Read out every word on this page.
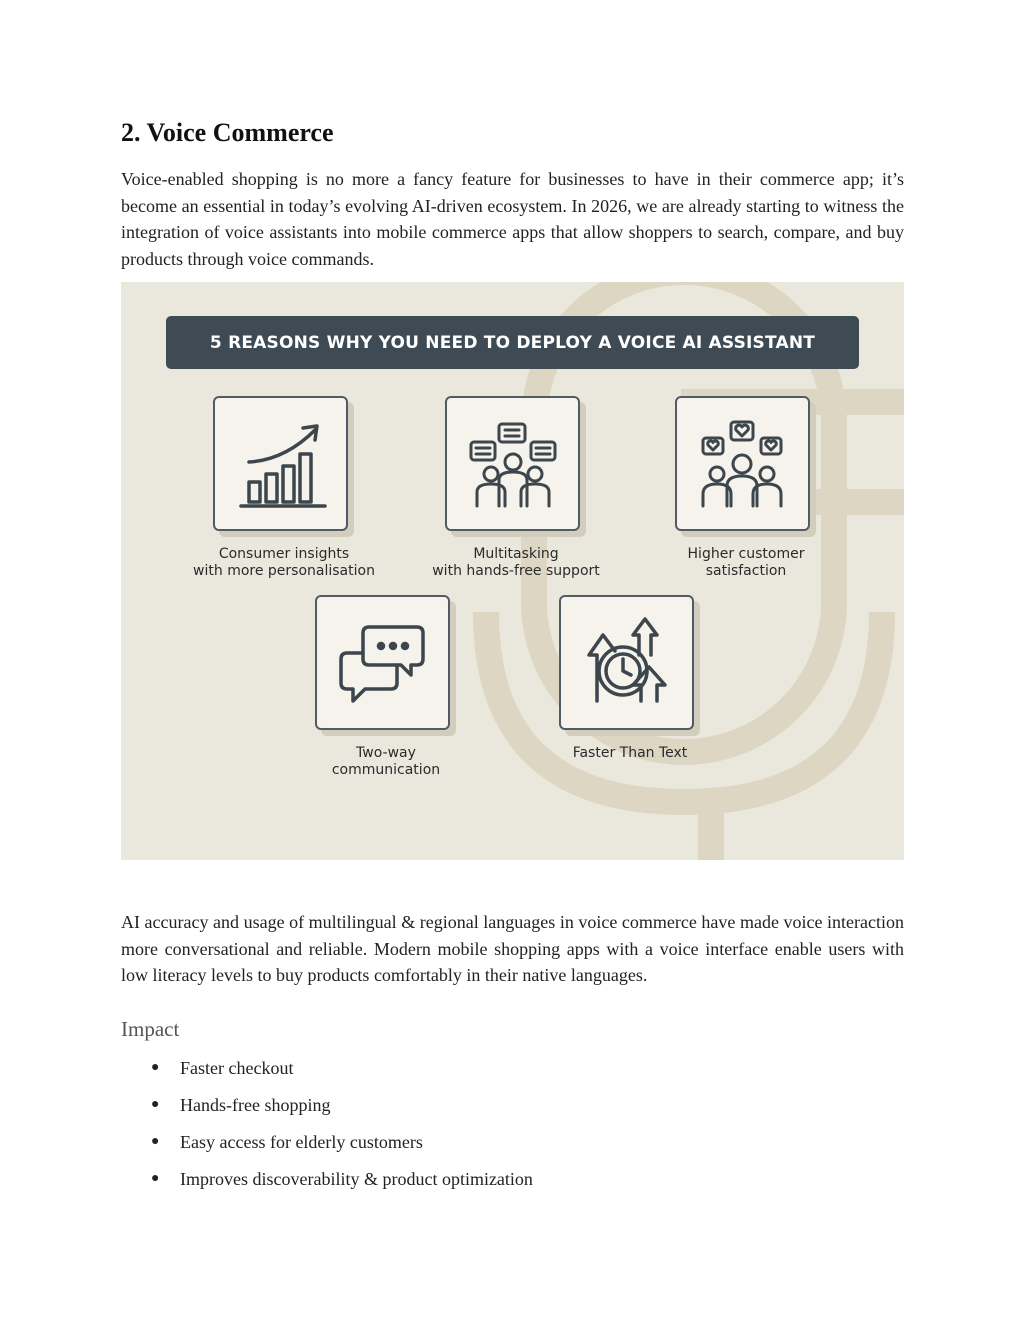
2. Voice Commerce

Voice-enabled shopping is no more a fancy feature for businesses to have in their commerce app; it’s become an essential in today’s evolving AI-driven ecosystem. In 2026, we are already starting to witness the integration of voice assistants into mobile commerce apps that allow shoppers to search, compare, and buy products through voice commands.

5 REASONS WHY YOU NEED TO DEPLOY A VOICE AI ASSISTANT
Consumer insights
with more personalisation
Multitasking
with hands-free support
Higher customer
satisfaction
Two-way
communication
Faster Than Text

AI accuracy and usage of multilingual & regional languages in voice commerce have made voice interaction more conversational and reliable. Modern mobile shopping apps with a voice interface enable users with low literacy levels to buy products comfortably in their native languages.

Impact
● Faster checkout
● Hands-free shopping
● Easy access for elderly customers
● Improves discoverability & product optimization
